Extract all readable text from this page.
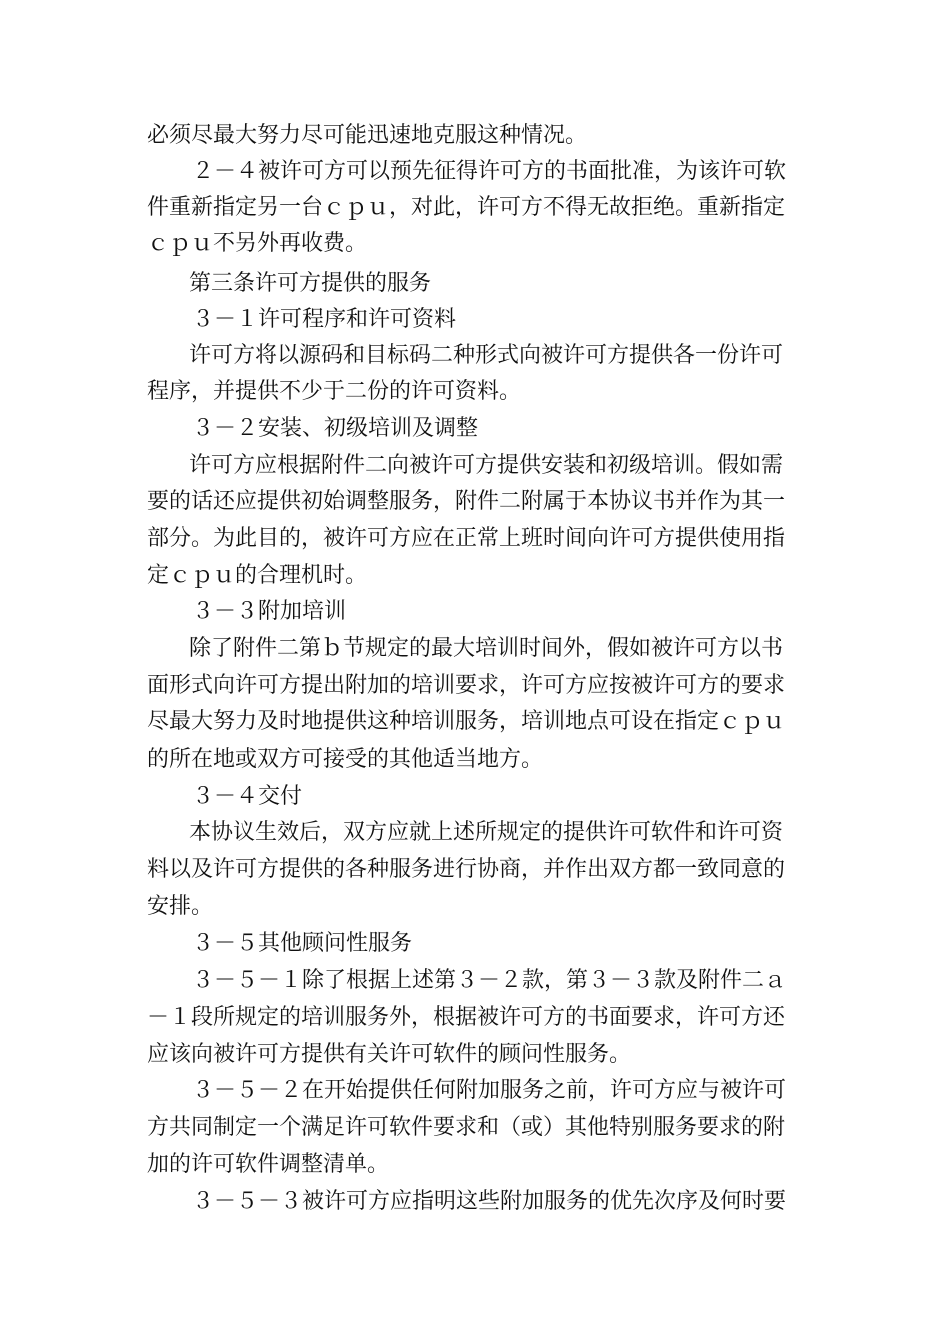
必须尽最大努力尽可能迅速地克服这种情况。

２－４被许可方可以预先征得许可方的书面批准，为该许可软

件重新指定另一台ｃｐｕ，对此，许可方不得无故拒绝。重新指定

ｃｐｕ不另外再收费。

第三条许可方提供的服务

３－１许可程序和许可资料

许可方将以源码和目标码二种形式向被许可方提供各一份许可

程序，并提供不少于二份的许可资料。

３－２安装、初级培训及调整

许可方应根据附件二向被许可方提供安装和初级培训。假如需

要的话还应提供初始调整服务，附件二附属于本协议书并作为其一

部分。为此目的，被许可方应在正常上班时间向许可方提供使用指

定ｃｐｕ的合理机时。

３－３附加培训

除了附件二第ｂ节规定的最大培训时间外，假如被许可方以书

面形式向许可方提出附加的培训要求，许可方应按被许可方的要求

尽最大努力及时地提供这种培训服务，培训地点可设在指定ｃｐｕ

的所在地或双方可接受的其他适当地方。

３－４交付

本协议生效后，双方应就上述所规定的提供许可软件和许可资

料以及许可方提供的各种服务进行协商，并作出双方都一致同意的

安排。

３－５其他顾问性服务

３－５－１除了根据上述第３－２款，第３－３款及附件二ａ

－１段所规定的培训服务外，根据被许可方的书面要求，许可方还

应该向被许可方提供有关许可软件的顾问性服务。

３－５－２在开始提供任何附加服务之前，许可方应与被许可

方共同制定一个满足许可软件要求和（或）其他特别服务要求的附

加的许可软件调整清单。

３－５－３被许可方应指明这些附加服务的优先次序及何时要
